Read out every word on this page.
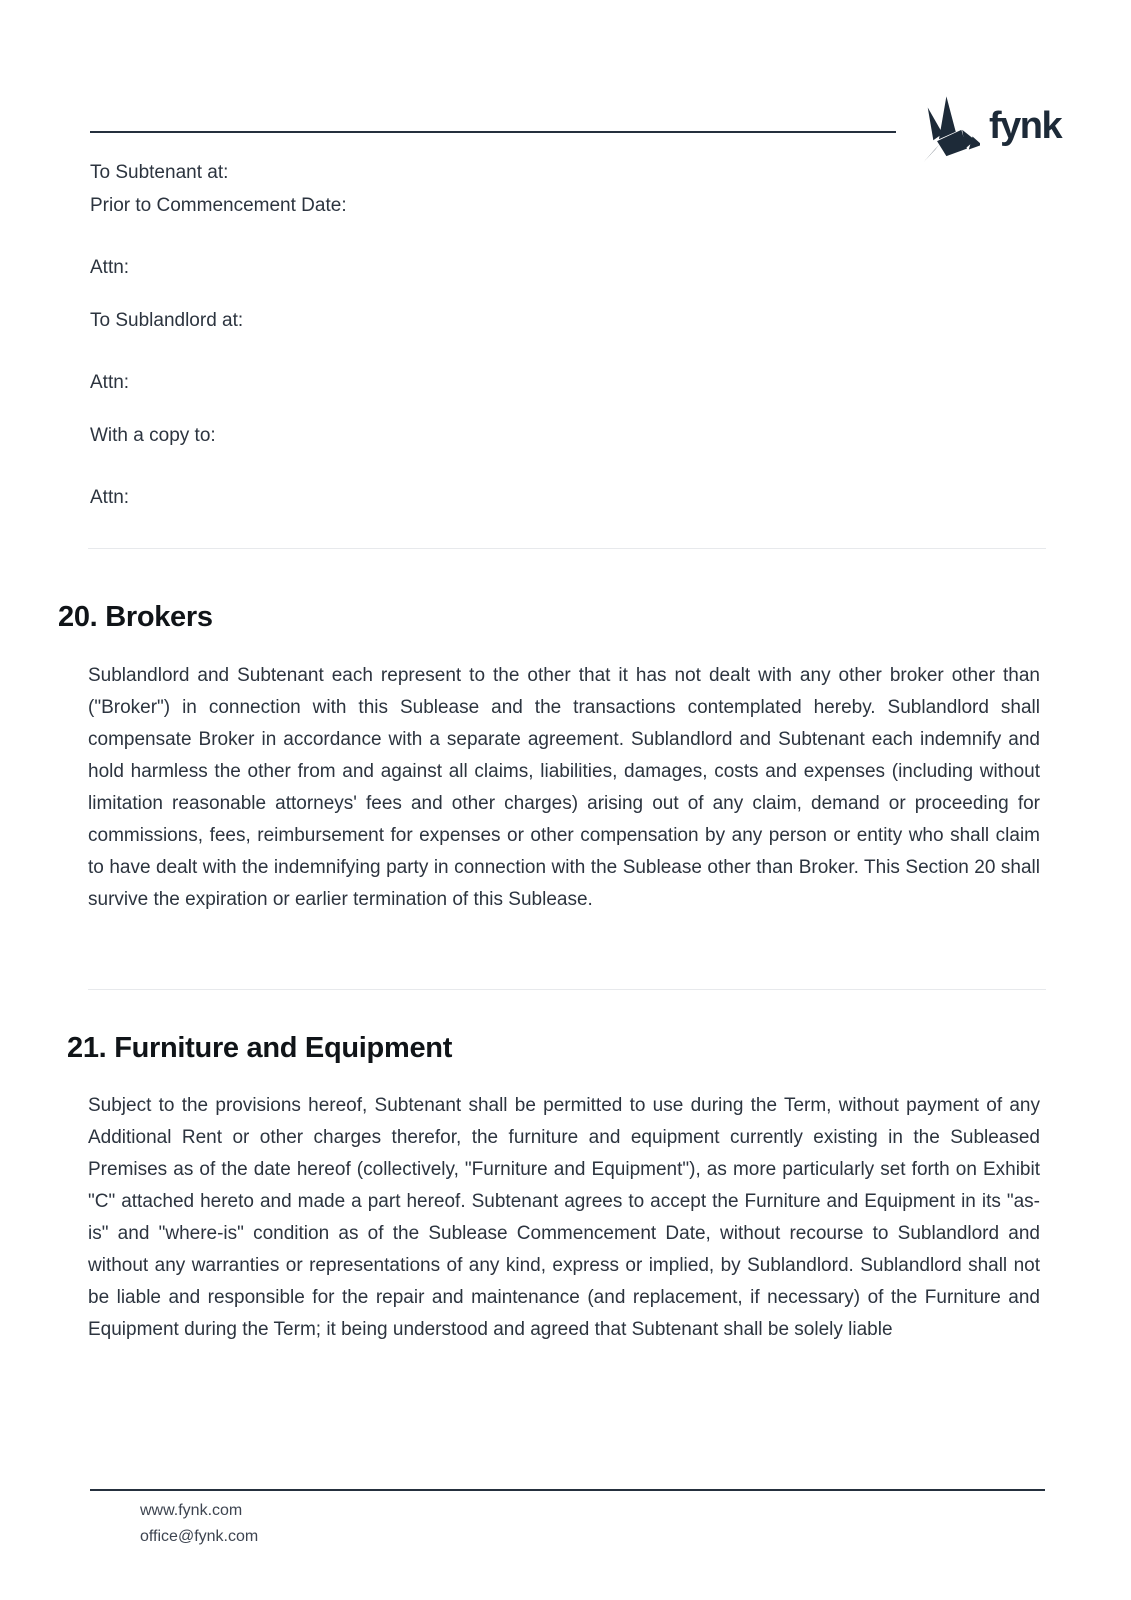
fynk
To Subtenant at:
Prior to Commencement Date:
Attn:
To Sublandlord at:
Attn:
With a copy to:
Attn:
20. Brokers

Sublandlord and Subtenant each represent to the other that it has not dealt with any other broker other than ("Broker") in connection with this Sublease and the transactions contemplated hereby. Sublandlord shall compensate Broker in accordance with a separate agreement. Sublandlord and Subtenant each indemnify and hold harmless the other from and against all claims, liabilities, damages, costs and expenses (including without limitation reasonable attorneys' fees and other charges) arising out of any claim, demand or proceeding for commissions, fees, reimbursement for expenses or other compensation by any person or entity who shall claim to have dealt with the indemnifying party in connection with the Sublease other than Broker. This Section 20 shall survive the expiration or earlier termination of this Sublease.

21. Furniture and Equipment

Subject to the provisions hereof, Subtenant shall be permitted to use during the Term, without payment of any Additional Rent or other charges therefor, the furniture and equipment currently existing in the Subleased Premises as of the date hereof (collectively, "Furniture and Equipment"), as more particularly set forth on Exhibit "C" attached hereto and made a part hereof. Subtenant agrees to accept the Furniture and Equipment in its "as-is" and "where-is" condition as of the Sublease Commencement Date, without recourse to Sublandlord and without any warranties or representations of any kind, express or implied, by Sublandlord. Sublandlord shall not be liable and responsible for the repair and maintenance (and replacement, if necessary) of the Furniture and Equipment during the Term; it being understood and agreed that Subtenant shall be solely liable

www.fynk.com
office@fynk.com
